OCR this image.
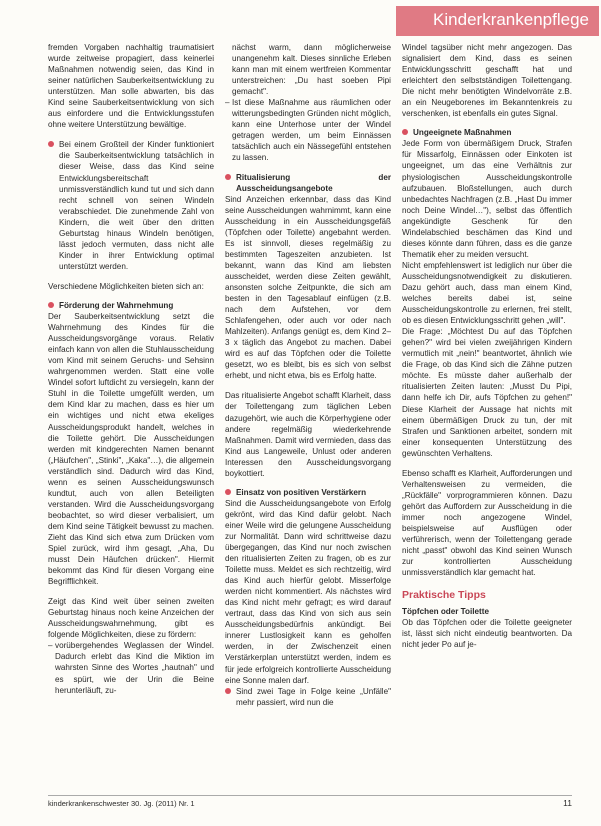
Kinderkrankenpflege

fremden Vorgaben nachhaltig traumatisiert wurde zeitweise propagiert, dass keinerlei Maßnahmen notwendig seien, das Kind in seiner natürlichen Sauberkeitsentwicklung zu unterstützen. Man solle abwarten, bis das Kind seine Sauberkeitsentwicklung von sich aus einfordere und die Entwicklungsstufen ohne weitere Unterstützung bewältige.

Bei einem Großteil der Kinder funktioniert die Sauberkeitsentwicklung tatsächlich in dieser Weise, dass das Kind seine Entwicklungsbereitschaft unmissverständlich kund tut und sich dann recht schnell von seinen Windeln verabschiedet. Die zunehmende Zahl von Kindern, die weit über den dritten Geburtstag hinaus Windeln benötigen, lässt jedoch vermuten, dass nicht alle Kinder in ihrer Entwicklung optimal unterstützt werden.

Verschiedene Möglichkeiten bieten sich an:

Förderung der Wahrnehmung

Der Sauberkeitsentwicklung setzt die Wahrnehmung des Kindes für die Ausscheidungsvorgänge voraus. Relativ einfach kann von allen die Stuhlausscheidung vom Kind mit seinem Geruchs- und Sehsinn wahrgenommen werden. Statt eine volle Windel sofort luftdicht zu versiegeln, kann der Stuhl in die Toilette umgefüllt werden, um dem Kind klar zu machen, dass es hier um ein wichtiges und nicht etwa ekeliges Ausscheidungsprodukt handelt, welches in die Toilette gehört. Die Ausscheidungen werden mit kindgerechten Namen benannt („Häufchen", „Stinki", „Kaka"…), die allgemein verständlich sind. Dadurch wird das Kind, wenn es seinen Ausscheidungswunsch kundtut, auch von allen Beteiligten verstanden. Wird die Ausscheidungsvorgang beobachtet, so wird dieser verbalisiert, um dem Kind seine Tätigkeit bewusst zu machen. Zieht das Kind sich etwa zum Drücken vom Spiel zurück, wird ihm gesagt, „Aha, Du musst Dein Häufchen drücken". Hiermit bekommt das Kind für diesen Vorgang eine Begrifflichkeit.

Zeigt das Kind weit über seinen zweiten Geburtstag hinaus noch keine Anzeichen der Ausscheidungswahrnehmung, gibt es folgende Möglichkeiten, diese zu fördern:

– vorübergehendes Weglassen der Windel. Dadurch erlebt das Kind die Miktion im wahrsten Sinne des Wortes „hautnah" und es spürt, wie der Urin die Beine herunterläuft, zu-

nächst warm, dann möglicherweise unangenehm kalt. Dieses sinnliche Erleben kann man mit einem wertfreien Kommentar unterstreichen: „Du hast soeben Pipi gemacht".

– Ist diese Maßnahme aus räumlichen oder witterungsbedingten Gründen nicht möglich, kann eine Unterhose unter der Windel getragen werden, um beim Einnässen tatsächlich auch ein Nässegefühl entstehen zu lassen.

Ritualisierung der Ausscheidungsangebote

Sind Anzeichen erkennbar, dass das Kind seine Ausscheidungen wahrnimmt, kann eine Ausscheidung in ein Ausscheidungsgefäß (Töpfchen oder Toilette) angebahnt werden. Es ist sinnvoll, dieses regelmäßig zu bestimmten Tageszeiten anzubieten. Ist bekannt, wann das Kind am liebsten ausscheidet, werden diese Zeiten gewählt, ansonsten solche Zeitpunkte, die sich am besten in den Tagesablauf einfügen (z.B. nach dem Aufstehen, vor dem Schlafengehen, oder auch vor oder nach Mahlzeiten). Anfangs genügt es, dem Kind 2–3 x täglich das Angebot zu machen. Dabei wird es auf das Töpfchen oder die Toilette gesetzt, wo es bleibt, bis es sich von selbst erhebt, und nicht etwa, bis es Erfolg hatte.

Das ritualisierte Angebot schafft Klarheit, dass der Toilettengang zum täglichen Leben dazugehört, wie auch die Körperhygiene oder andere regelmäßig wiederkehrende Maßnahmen. Damit wird vermieden, dass das Kind aus Langeweile, Unlust oder anderen Interessen den Ausscheidungsvorgang boykottiert.

Einsatz von positiven Verstärkern

Sind die Ausscheidungsangebote von Erfolg gekrönt, wird das Kind dafür gelobt. Nach einer Weile wird die gelungene Ausscheidung zur Normalität. Dann wird schrittweise dazu übergegangen, das Kind nur noch zwischen den ritualisierten Zeiten zu fragen, ob es zur Toilette muss. Meldet es sich rechtzeitig, wird das Kind auch hierfür gelobt. Misserfolge werden nicht kommentiert. Als nächstes wird das Kind nicht mehr gefragt; es wird darauf vertraut, dass das Kind von sich aus sein Ausscheidungsbedürfnis ankündigt. Bei innerer Lustlosigkeit kann es geholfen werden, in der Zwischenzeit einen Verstärkerplan unterstützt werden, indem es für jede erfolgreich kontrollierte Ausscheidung eine Sonne malen darf.

Sind zwei Tage in Folge keine „Unfälle" mehr passiert, wird nun die

Windel tagsüber nicht mehr angezogen. Das signalisiert dem Kind, dass es seinen Entwicklungsschritt geschafft hat und erleichtert den selbstständigen Toilettengang. Die nicht mehr benötigten Windelvorräte z.B. an ein Neugeborenes im Bekanntenkreis zu verschenken, ist ebenfalls ein gutes Signal.

Ungeeignete Maßnahmen

Jede Form von übermäßigem Druck, Strafen für Missarfolg, Einnässen oder Einkoten ist ungeeignet, um das eine Verhältnis zur physiologischen Ausscheidungskontrolle aufzubauen. Bloßstellungen, auch durch unbedachtes Nachfragen (z.B. „Hast Du immer noch Deine Windel…"), selbst das öffentlich angekündigte Geschenk für den Windelabschied beschämen das Kind und dieses könnte dann führen, dass es die ganze Thematik eher zu meiden versucht.

Nicht empfehlenswert ist lediglich nur über die Ausscheidungsnotwendigkeit zu diskutieren. Dazu gehört auch, dass man einem Kind, welches bereits dabei ist, seine Ausscheidungskontrolle zu erlernen, frei stellt, ob es diesen Entwicklungsschritt gehen „will".

Die Frage: „Möchtest Du auf das Töpfchen gehen?" wird bei vielen zweijährigen Kindern vermutlich mit „nein!" beantwortet, ähnlich wie die Frage, ob das Kind sich die Zähne putzen möchte. Es müsste daher außerhalb der ritualisierten Zeiten lauten: „Musst Du Pipi, dann helfe ich Dir, aufs Töpfchen zu gehen!" Diese Klarheit der Aussage hat nichts mit einem übermäßigen Druck zu tun, der mit Strafen und Sanktionen arbeitet, sondern mit einer konsequenten Unterstützung des gewünschten Verhaltens.

Ebenso schafft es Klarheit, Aufforderungen und Verhaltensweisen zu vermeiden, die „Rückfälle" vorprogrammieren können. Dazu gehört das Auffordern zur Ausscheidung in die immer noch angezogene Windel, beispielsweise auf Ausflügen oder verführerisch, wenn der Toilettengang gerade nicht „passt" obwohl das Kind seinen Wunsch zur kontrollierten Ausscheidung unmissverständlich klar gemacht hat.

Praktische Tipps

Töpfchen oder Toilette

Ob das Töpfchen oder die Toilette geeigneter ist, lässt sich nicht eindeutig beantworten. Da nicht jeder Po auf je-

kinderkrankenschwester 30. Jg. (2011) Nr. 1	11
